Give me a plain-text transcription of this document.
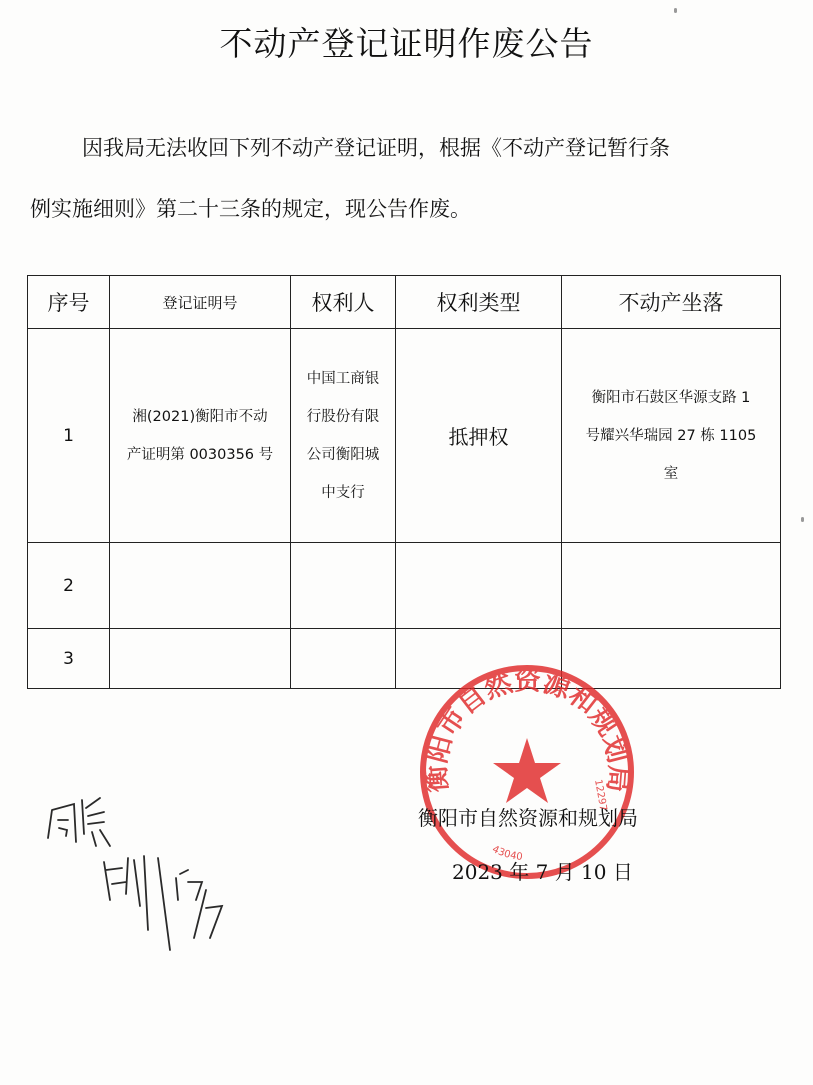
不动产登记证明作废公告
因我局无法收回下列不动产登记证明，根据《不动产登记暂行条
例实施细则》第二十三条的规定，现公告作废。
序号	登记证明号	权利人	权利类型	不动产坐落
1	湘(2021)衡阳市不动
产证明第 0030356 号	中国工商银
行股份有限
公司衡阳城
中支行	抵押权	衡阳市石鼓区华源支路 1
号耀兴华瑞园 27 栋 1105
室

2				
3				
衡阳市自然资源和规划局
43040
12297
衡阳市自然资源和规划局
2023 年 7 月 10 日
